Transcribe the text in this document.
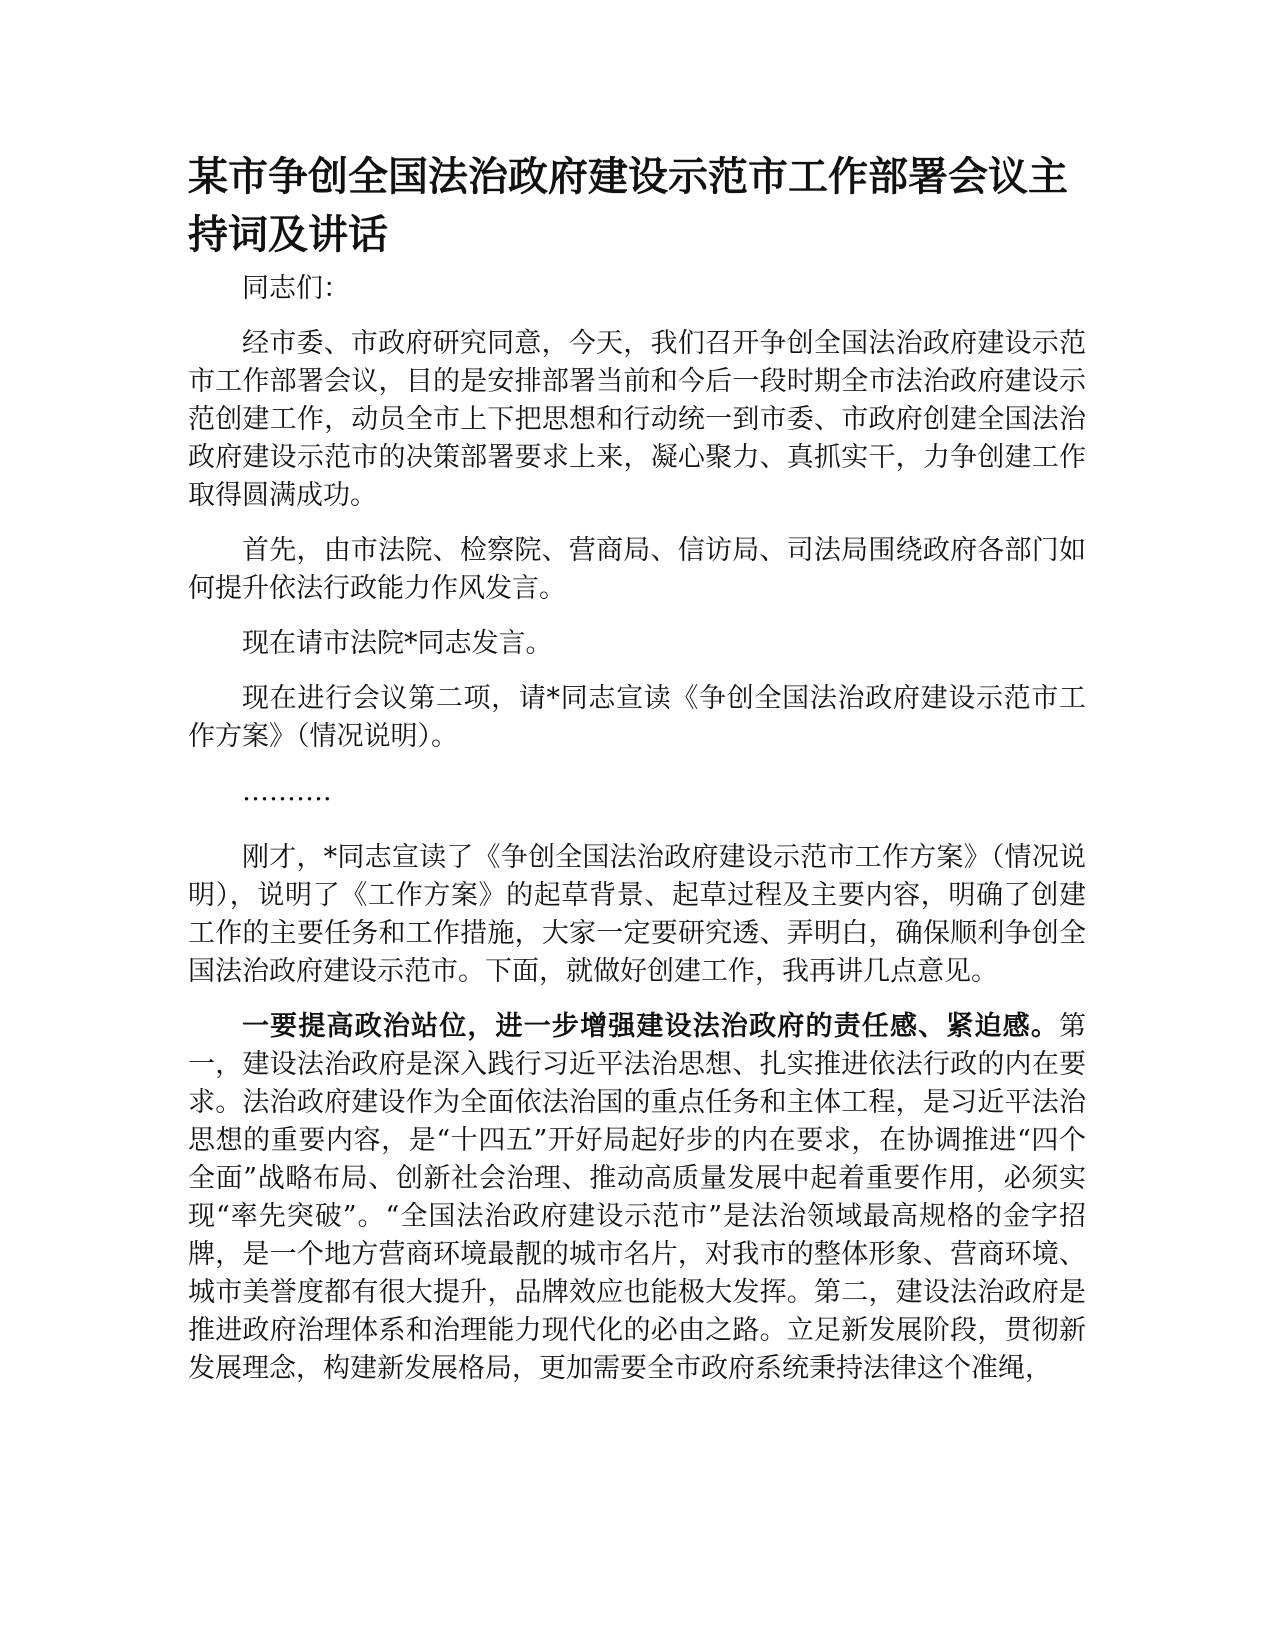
某市争创全国法治政府建设示范市工作部署会议主持词及讲话

同志们：

经市委、市政府研究同意，今天，我们召开争创全国法治政府建设示范市工作部署会议，目的是安排部署当前和今后一段时期全市法治政府建设示范创建工作，动员全市上下把思想和行动统一到市委、市政府创建全国法治政府建设示范市的决策部署要求上来，凝心聚力、真抓实干，力争创建工作取得圆满成功。

首先，由市法院、检察院、营商局、信访局、司法局围绕政府各部门如何提升依法行政能力作风发言。

现在请市法院*同志发言。

现在进行会议第二项，请*同志宣读《争创全国法治政府建设示范市工作方案》（情况说明）。

……….

刚才，*同志宣读了《争创全国法治政府建设示范市工作方案》（情况说明），说明了《工作方案》的起草背景、起草过程及主要内容，明确了创建工作的主要任务和工作措施，大家一定要研究透、弄明白，确保顺利争创全国法治政府建设示范市。下面，就做好创建工作，我再讲几点意见。

一要提高政治站位，进一步增强建设法治政府的责任感、紧迫感。第一，建设法治政府是深入践行习近平法治思想、扎实推进依法行政的内在要求。法治政府建设作为全面依法治国的重点任务和主体工程，是习近平法治思想的重要内容，是“十四五”开好局起好步的内在要求，在协调推进“四个全面”战略布局、创新社会治理、推动高质量发展中起着重要作用，必须实现“率先突破”。“全国法治政府建设示范市”是法治领域最高规格的金字招牌，是一个地方营商环境最靓的城市名片，对我市的整体形象、营商环境、城市美誉度都有很大提升，品牌效应也能极大发挥。第二，建设法治政府是推进政府治理体系和治理能力现代化的必由之路。立足新发展阶段，贯彻新发展理念，构建新发展格局，更加需要全市政府系统秉持法律这个准绳，
